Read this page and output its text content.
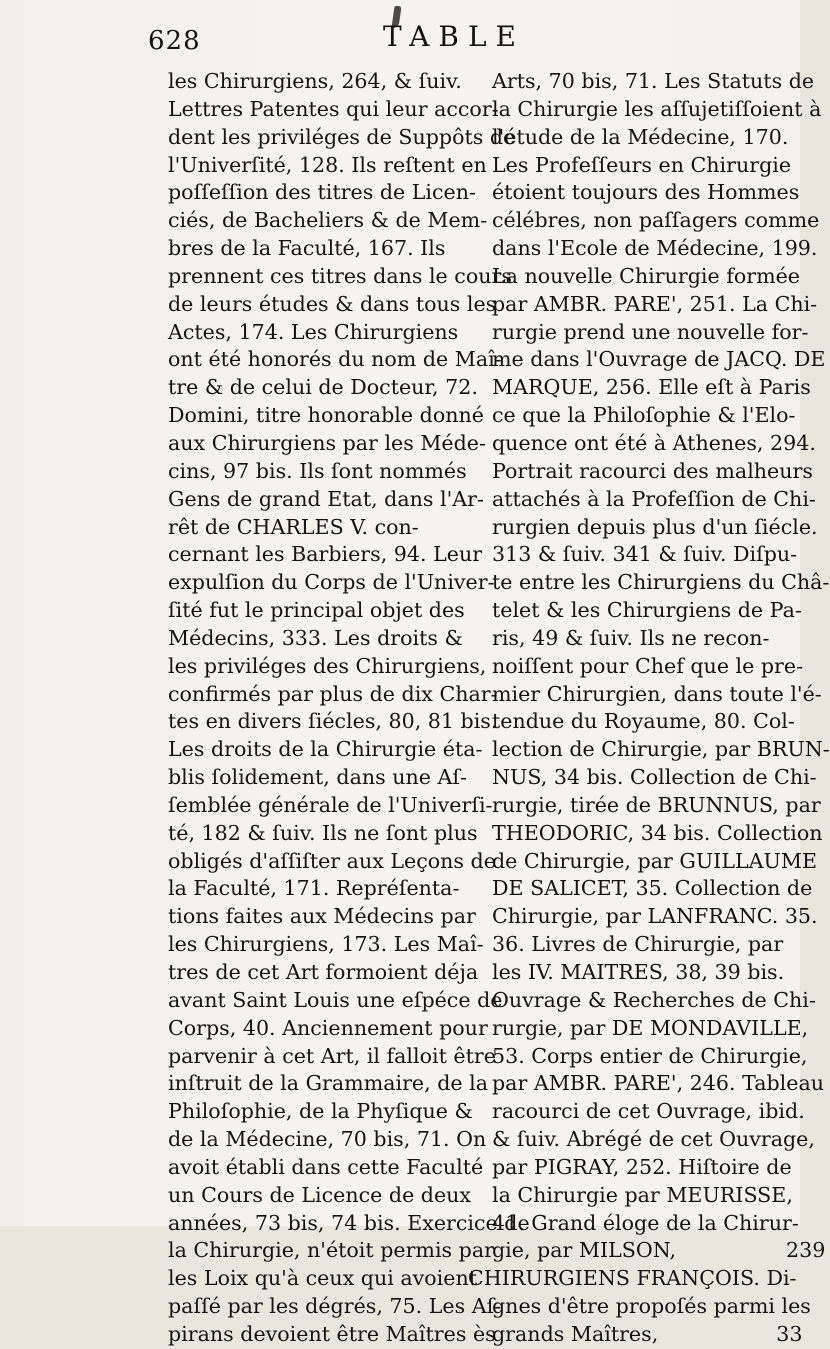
628	TABLE
les Chirurgiens, 264, & ſuiv.
Lettres Patentes qui leur accor-
dent les priviléges de Suppôts de
l'Univerſité, 128. Ils reſtent en
poſſeſſion des titres de Licen-
ciés, de Bacheliers & de Mem-
bres de la Faculté, 167. Ils
prennent ces titres dans le cours
de leurs études & dans tous les
Actes, 174. Les Chirurgiens
ont été honorés du nom de Maî-
tre & de celui de Docteur, 72.
Domini, titre honorable donné
aux Chirurgiens par les Méde-
cins, 97 bis. Ils ſont nommés
Gens de grand Etat, dans l'Ar-
rêt de CHARLES V. con-
cernant les Barbiers, 94. Leur
expulſion du Corps de l'Univer-
ſité fut le principal objet des
Médecins, 333. Les droits &
les priviléges des Chirurgiens,
confirmés par plus de dix Char-
tes en divers ſiécles, 80, 81 bis.
Les droits de la Chirurgie éta-
blis ſolidement, dans une Aſ-
ſemblée générale de l'Univerſi-
té, 182 & ſuiv. Ils ne ſont plus
obligés d'aſſiſter aux Leçons de
la Faculté, 171. Repréſenta-
tions faites aux Médecins par
les Chirurgiens, 173. Les Maî-
tres de cet Art formoient déja
avant Saint Louis une eſpéce de
Corps, 40. Anciennement pour
parvenir à cet Art, il falloit être
inſtruit de la Grammaire, de la
Philoſophie, de la Phyſique &
de la Médecine, 70 bis, 71. On
avoit établi dans cette Faculté
un Cours de Licence de deux
années, 73 bis, 74 bis. Exercice de
la Chirurgie, n'étoit permis par
les Loix qu'à ceux qui avoient
paſſé par les dégrés, 75. Les Aſ-
pirans devoient être Maîtres ès
Arts, 70 bis, 71. Les Statuts de
la Chirurgie les aſſujetiſſoient à
l'étude de la Médecine, 170.
Les Profeſſeurs en Chirurgie
étoient toujours des Hommes
célébres, non paſſagers comme
dans l'Ecole de Médecine, 199.
La nouvelle Chirurgie formée
par AMBR. PARE', 251. La Chi-
rurgie prend une nouvelle for-
me dans l'Ouvrage de JACQ. DE
MARQUE, 256. Elle eſt à Paris
ce que la Philoſophie & l'Elo-
quence ont été à Athenes, 294.
Portrait racourci des malheurs
attachés à la Profeſſion de Chi-
rurgien depuis plus d'un ſiécle.
313 & ſuiv. 341 & ſuiv. Diſpu-
te entre les Chirurgiens du Châ-
telet & les Chirurgiens de Pa-
ris, 49 & ſuiv. Ils ne recon-
noiſſent pour Chef que le pre-
mier Chirurgien, dans toute l'é-
tendue du Royaume, 80. Col-
lection de Chirurgie, par BRUN-
NUS, 34 bis. Collection de Chi-
rurgie, tirée de BRUNNUS, par
THEODORIC, 34 bis. Collection
de Chirurgie, par GUILLAUME
DE SALICET, 35. Collection de
Chirurgie, par LANFRANC. 35.
36. Livres de Chirurgie, par
les IV. MAITRES, 38, 39 bis.
Ouvrage & Recherches de Chi-
rurgie, par DE MONDAVILLE,
53. Corps entier de Chirurgie,
par AMBR. PARE', 246. Tableau
racourci de cet Ouvrage, ibid.
& ſuiv. Abrégé de cet Ouvrage,
par PIGRAY, 252. Hiſtoire de
la Chirurgie par MEURISSE,
41. Grand éloge de la Chirur-
gie, par MILSON,	239
CHIRURGIENS FRANÇOIS. Di-
gnes d'être propoſés parmi les
grands Maîtres,	33
